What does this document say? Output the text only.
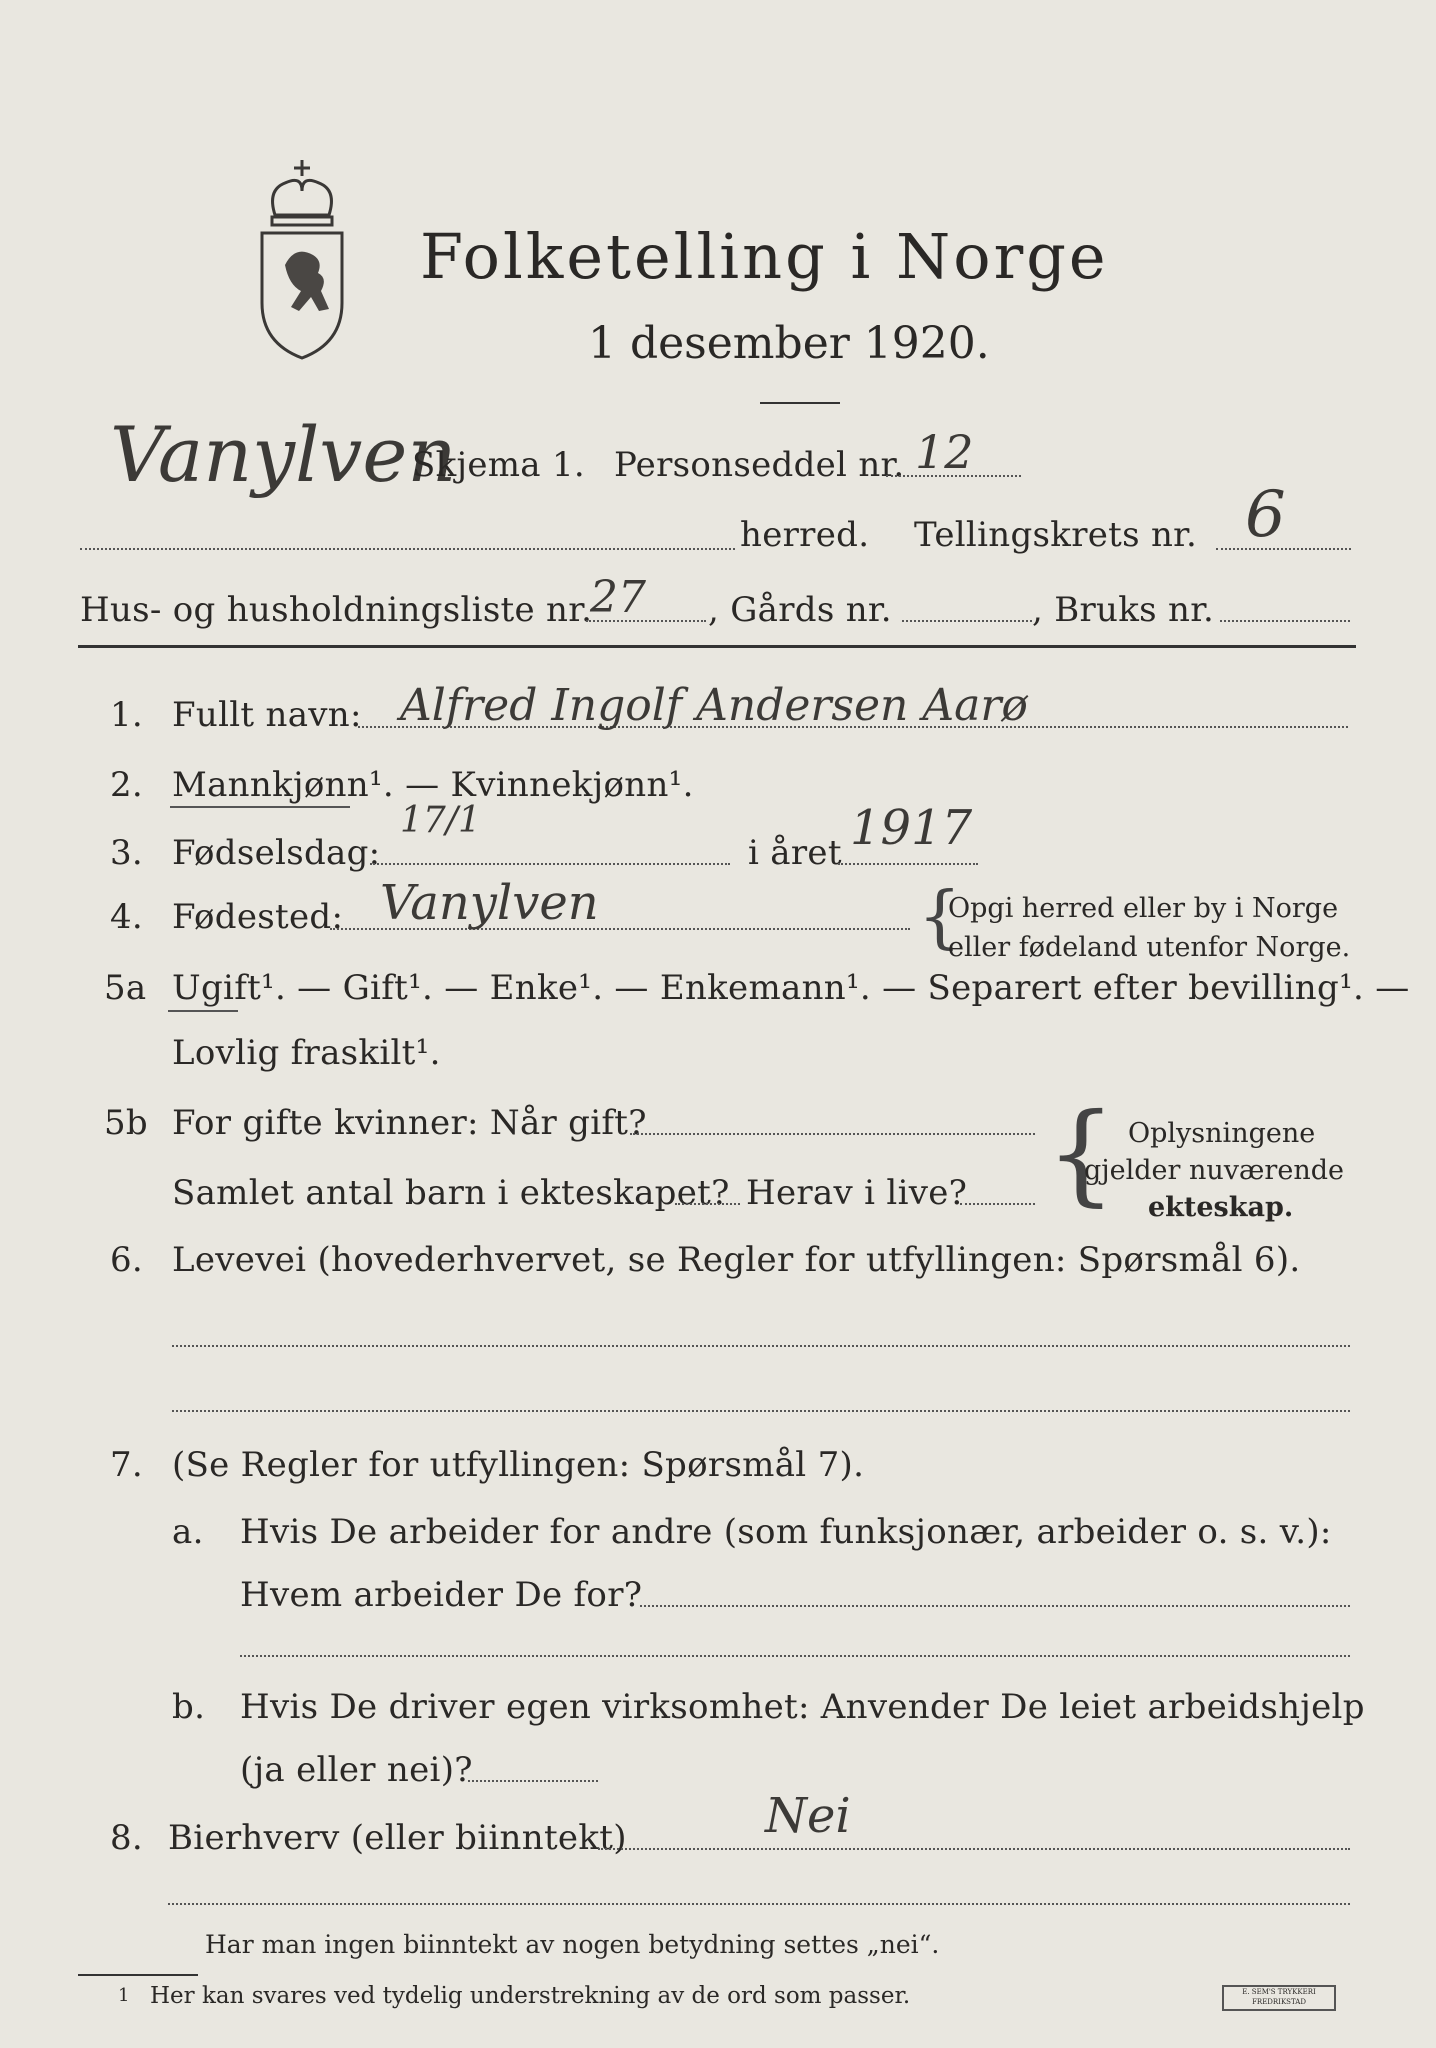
Folketelling i Norge
1 desember 1920.
Vanylven
Skjema 1. Personseddel nr. 12
herred. Tellingskrets nr. 6
Hus- og husholdningsliste nr.
27 , Gårds nr.	, Bruks nr.
1. Fullt navn: Alfred Ingolf Andersen Aarø
2. Mannkjønn¹. — Kvinnekjønn¹.
3. Fødselsdag:
17/1
i året 1917
4. Fødested: Vanylven	{
Opgi herred eller by i Norge
eller fødeland utenfor Norge.
5a Ugift¹. — Gift¹. — Enke¹. — Enkemann¹. — Separert efter bevilling¹. —
Lovlig fraskilt¹.
5b For gifte kvinner: Når gift?
Samlet antal barn i ekteskapet? Herav i live? { Oplysningene
gjelder nuværende
ekteskap.
6. Levevei (hovederhvervet, se Regler for utfyllingen: Spørsmål 6).
7. (Se Regler for utfyllingen: Spørsmål 7).
a. Hvis De arbeider for andre (som funksjonær, arbeider o. s. v.):
Hvem arbeider De for?
b. Hvis De driver egen virksomhet: Anvender De leiet arbeidshjelp
(ja eller nei)?
8. Bierhverv (eller biinntekt)	Nei
Har man ingen biinntekt av nogen betydning settes „nei“.
1 Her kan svares ved tydelig understrekning av de ord som passer.	E. SEM'S TRYKKERI FREDRIKSTAD
